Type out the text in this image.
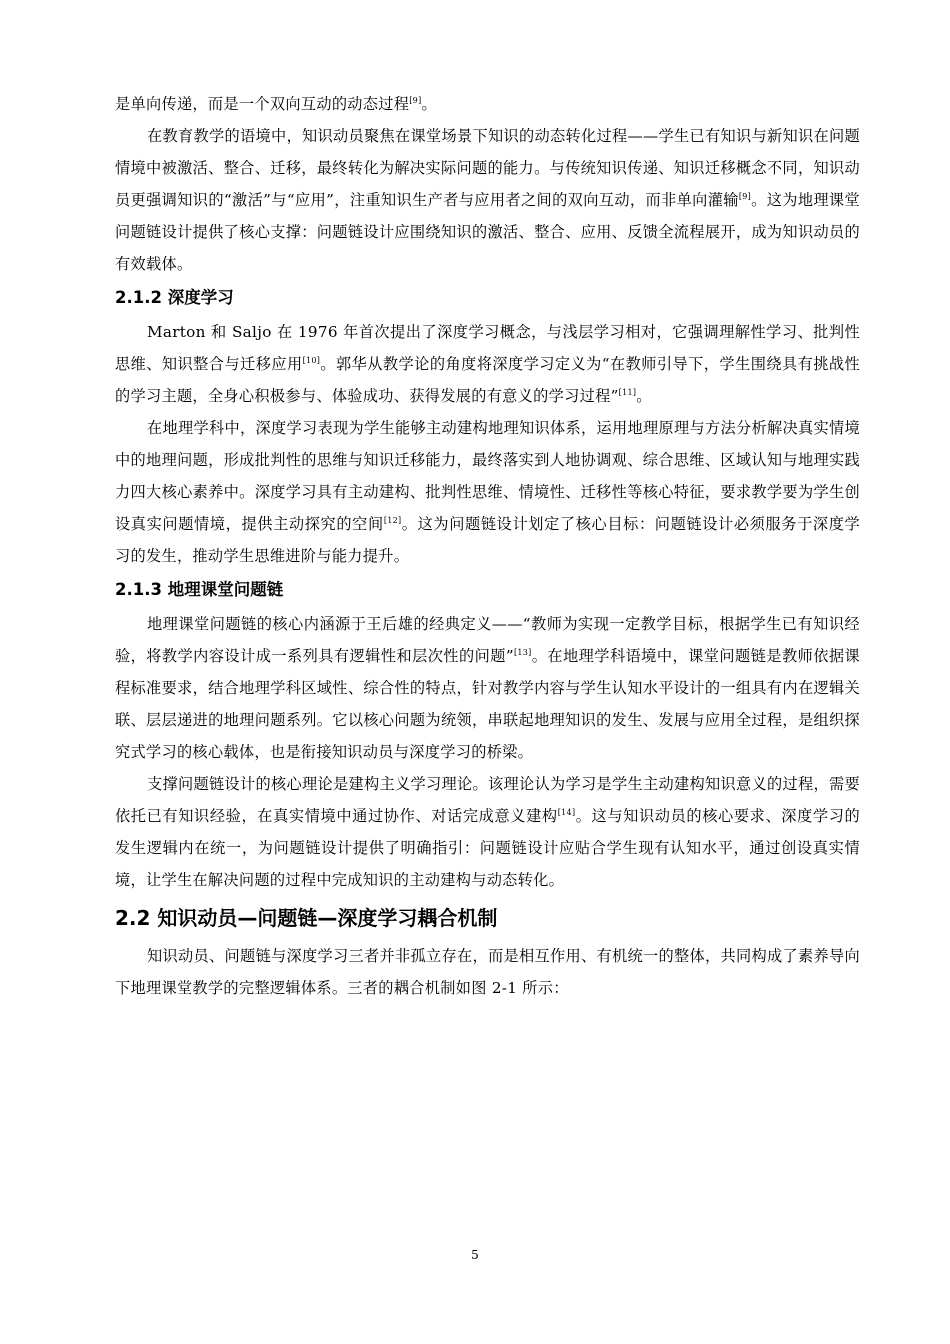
是单向传递，而是一个双向互动的动态过程[9]。

在教育教学的语境中，知识动员聚焦在课堂场景下知识的动态转化过程——学生已有知识与新知识在问题情境中被激活、整合、迁移，最终转化为解决实际问题的能力。与传统知识传递、知识迁移概念不同，知识动员更强调知识的“激活”与“应用”，注重知识生产者与应用者之间的双向互动，而非单向灌输[9]。这为地理课堂问题链设计提供了核心支撑：问题链设计应围绕知识的激活、整合、应用、反馈全流程展开，成为知识动员的有效载体。

2.1.2 深度学习

Marton 和 Saljo 在 1976 年首次提出了深度学习概念，与浅层学习相对，它强调理解性学习、批判性思维、知识整合与迁移应用[10]。郭华从教学论的角度将深度学习定义为“在教师引导下，学生围绕具有挑战性的学习主题，全身心积极参与、体验成功、获得发展的有意义的学习过程”[11]。

在地理学科中，深度学习表现为学生能够主动建构地理知识体系，运用地理原理与方法分析解决真实情境中的地理问题，形成批判性的思维与知识迁移能力，最终落实到人地协调观、综合思维、区域认知与地理实践力四大核心素养中。深度学习具有主动建构、批判性思维、情境性、迁移性等核心特征，要求教学要为学生创设真实问题情境，提供主动探究的空间[12]。这为问题链设计划定了核心目标：问题链设计必须服务于深度学习的发生，推动学生思维进阶与能力提升。

2.1.3 地理课堂问题链

地理课堂问题链的核心内涵源于王后雄的经典定义——“教师为实现一定教学目标，根据学生已有知识经验，将教学内容设计成一系列具有逻辑性和层次性的问题”[13]。在地理学科语境中，课堂问题链是教师依据课程标准要求，结合地理学科区域性、综合性的特点，针对教学内容与学生认知水平设计的一组具有内在逻辑关联、层层递进的地理问题系列。它以核心问题为统领，串联起地理知识的发生、发展与应用全过程，是组织探究式学习的核心载体，也是衔接知识动员与深度学习的桥梁。

支撑问题链设计的核心理论是建构主义学习理论。该理论认为学习是学生主动建构知识意义的过程，需要依托已有知识经验，在真实情境中通过协作、对话完成意义建构[14]。这与知识动员的核心要求、深度学习的发生逻辑内在统一，为问题链设计提供了明确指引：问题链设计应贴合学生现有认知水平，通过创设真实情境，让学生在解决问题的过程中完成知识的主动建构与动态转化。

2.2 知识动员—问题链—深度学习耦合机制

知识动员、问题链与深度学习三者并非孤立存在，而是相互作用、有机统一的整体，共同构成了素养导向下地理课堂教学的完整逻辑体系。三者的耦合机制如图 2-1 所示：

5
